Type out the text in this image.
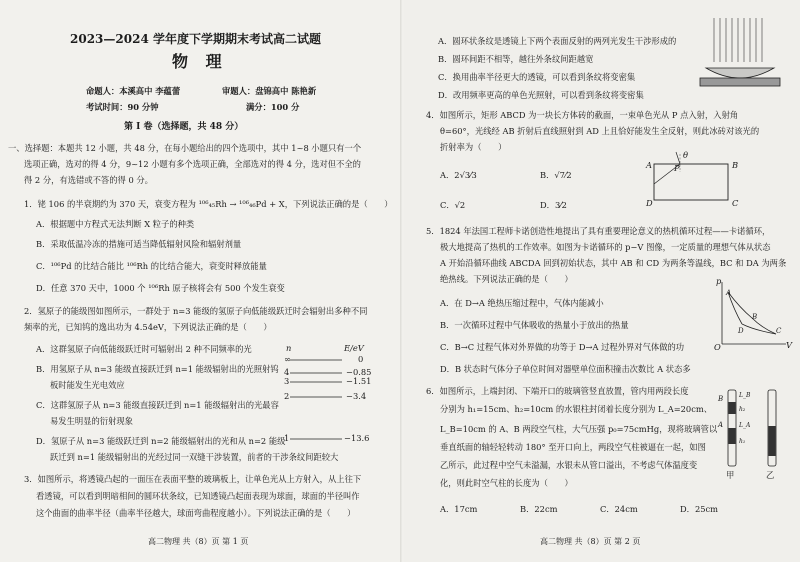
2023—2024 学年度下学期期末考试高二试题
物 理
命题人：本溪高中 李蕴蕾	审题人：盘锦高中 陈艳新
考试时间：90 分钟	满分：100 分
第 Ⅰ 卷（选择题，共 48 分）
一、选择题：本题共 12 小题，共 48 分，在每小题给出的四个选项中，其中 1~8 小题只有一个
选项正确，选对的得 4 分，9~12 小题有多个选项正确，全部选对的得 4 分，选对但不全的
得 2 分，有选错或不答的得 0 分。
1．铑 106 的半衰期约为 370 天，衰变方程为 ¹⁰⁶₄₅Rh → ¹⁰⁶₄₆Pd + X，下列说法正确的是（　　）
A．根据题中方程式无法判断 X 粒子的种类
B．采取低温冷冻的措施可适当降低辐射风险和辐射剂量
C．¹⁰⁶Pd 的比结合能比 ¹⁰⁶Rh 的比结合能大，衰变时释放能量
D．任意 370 天中，1000 个 ¹⁰⁶Rh 原子核将会有 500 个发生衰变
2．氢原子的能级图如图所示，一群处于 n=3 能级的氢原子向低能级跃迁时会辐射出多种不同
频率的光，已知钨的逸出功为 4.54eV，下列说法正确的是（　　）
A．这群氢原子向低能级跃迁时可辐射出 2 种不同频率的光
B．用氢原子从 n=3 能级直接跃迁到 n=1 能级辐射出的光照射钨
板时能发生光电效应
C．这群氢原子从 n=3 能级直接跃迁到 n=1 能级辐射出的光最容
易发生明显的衍射现象
D．氢原子从 n=3 能级跃迁到 n=2 能级辐射出的光和从 n=2 能级
跃迁到 n=1 能级辐射出的光经过同一双缝干涉装置，前者的干涉条纹间距较大
n	E/eV
∞	0
4	−0.85
3	−1.51
2	−3.4
1	−13.6
3．如图所示，将透镜凸起的一面压在表面平整的玻璃板上，让单色光从上方射入，从上往下
看透镜，可以看到明暗相间的圆环状条纹，已知透镜凸起面表现为球面，球面的半径叫作
这个曲面的曲率半径（曲率半径越大，球面弯曲程度越小）。下列说法正确的是（　　）
高二物理 共（8）页 第 1 页
A．圆环状条纹是透镜上下两个表面反射的两列光发生干涉形成的
B．圆环间距不相等，越往外条纹间距越宽
C．换用曲率半径更大的透镜，可以看到条纹将变密集
D．改用频率更高的单色光照射，可以看到条纹将变密集
4．如图所示，矩形 ABCD 为一块长方体砖的截面，一束单色光从 P 点入射，入射角
θ=60°，光线经 AB 折射后直线照射到 AD 上且恰好能发生全反射，则此冰砖对该光的
折射率为（　　）
A．2√3⁄3	B．√7⁄2
C．√2	D．3⁄2
A	B
D	C
P
θ
5．1824 年法国工程师卡诺创造性地提出了具有重要理论意义的热机循环过程——卡诺循环，
极大地提高了热机的工作效率。如图为卡诺循环的 p−V 图像，一定质量的理想气体从状态
A 开始沿循环曲线 ABCDA 回到初始状态，其中 AB 和 CD 为两条等温线，BC 和 DA 为两条
绝热线。下列说法正确的是（　　）
A．在 D→A 绝热压缩过程中，气体内能减小
B．一次循环过程中气体吸收的热量小于放出的热量
C．B→C 过程气体对外界做的功等于 D→A 过程外界对气体做的功
D．B 状态时气体分子单位时间对器壁单位面积撞击次数比 A 状态多
p
V
O
A
B
C
D
6．如图所示，上端封闭、下端开口的玻璃管竖直放置，管内用两段长度
分别为 h₁=15cm、h₂=10cm 的水银柱封闭着长度分别为 L_A=20cm、
L_B=10cm 的 A、B 两段空气柱，大气压强 p₀=75cmHg，现将玻璃管以
垂直纸面的轴轻轻转动 180° 至开口向上，两段空气柱被逼在一起，如图
乙所示，此过程中空气未溢漏，水银未从管口溢出，不考虑气体温度变
化，则此时空气柱的长度为（　　）
A．17cm	B．22cm	C．24cm	D．25cm
B
A
L_B
h₂
L_A
h₁
甲	乙
高二物理 共（8）页 第 2 页
